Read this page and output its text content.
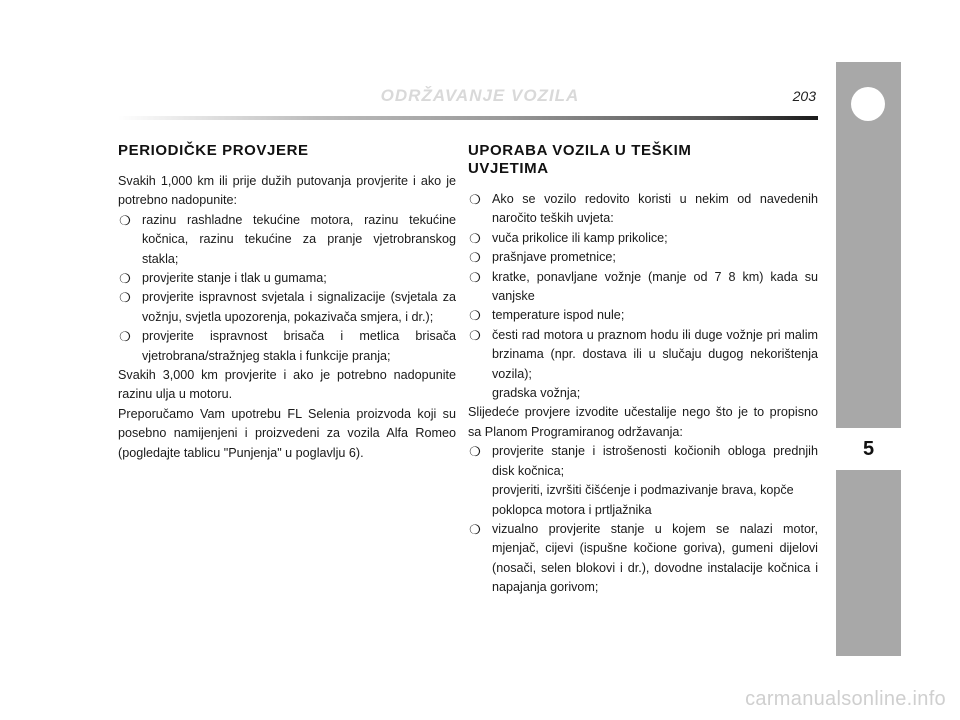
ODRŽAVANJE VOZILA	203
5
PERIODIČKE PROVJERE

Svakih 1,000 km ili prije dužih putovanja provjerite i ako je potrebno nadopunite:

❍ razinu rashladne tekućine motora, razinu tekućine kočnica, razinu tekućine za pranje vjetrobranskog stakla;
❍ provjerite stanje i tlak u gumama;
❍ provjerite ispravnost svjetala i signalizacije (svjetala za vožnju, svjetla upozorenja, pokazivača smjera, i dr.);
❍ provjerite ispravnost brisača i metlica brisača vjetrobrana/stražnjeg stakla i funkcije pranja;

Svakih 3,000 km provjerite i ako je potrebno nadopunite razinu ulja u motoru.

Preporučamo Vam upotrebu FL Selenia proizvoda koji su posebno namijenjeni i proizvedeni za vozila Alfa Romeo (pogledajte tablicu "Punjenja" u poglavlju 6).

UPORABA VOZILA U TEŠKIM
UVJETIMA
❍ Ako se vozilo redovito koristi u nekim od navedenih naročito teških uvjeta:
❍ vuča prikolice ili kamp prikolice;
❍ prašnjave prometnice;
❍ kratke, ponavljane vožnje (manje od 7 8 km) kada su vanjske
❍ temperature ispod nule;
❍ česti rad motora u praznom hodu ili duge vožnje pri malim brzinama (npr. dostava ili u slučaju dugog nekorištenja vozila);
gradska vožnja;

Slijedeće provjere izvodite učestalije nego što je to propisno sa Planom Programiranog održavanja:

❍ provjerite stanje i istrošenosti kočionih obloga prednjih disk kočnica;
provjeriti, izvršiti čišćenje i podmazivanje brava, kopče poklopca motora i prtljažnika
❍ vizualno provjerite stanje u kojem se nalazi motor, mjenjač, cijevi (ispušne kočione goriva), gumeni dijelovi (nosači, selen blokovi i dr.), dovodne instalacije kočnica i napajanja gorivom;
carmanualsonline.info
